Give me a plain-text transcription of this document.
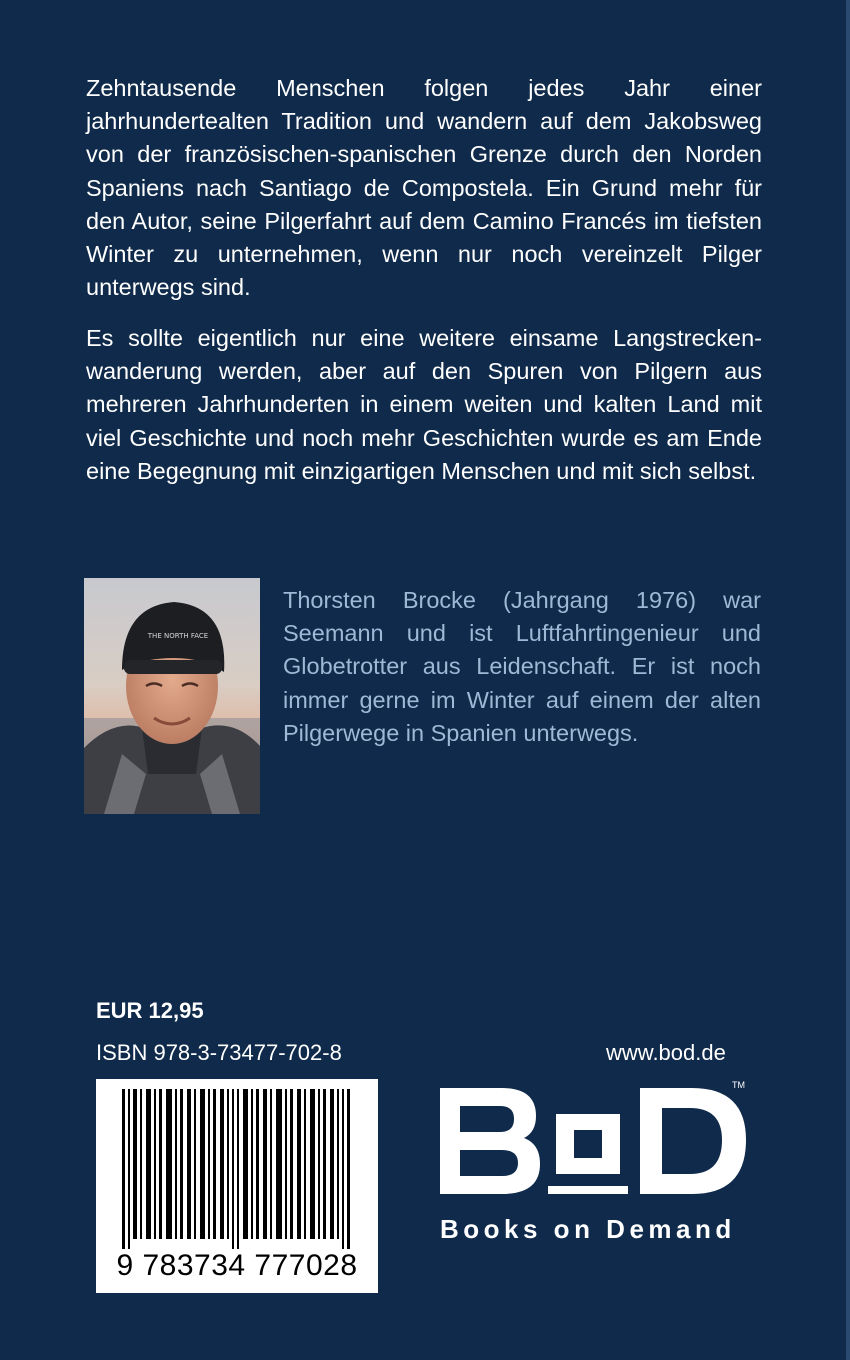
Zehntausende Menschen folgen jedes Jahr einer jahrhundertealten Tradition und wandern auf dem Jakobsweg von der französischen-spanischen Grenze durch den Norden Spaniens nach Santiago de Compostela. Ein Grund mehr für den Autor, seine Pilgerfahrt auf dem Camino Francés im tiefsten Winter zu unternehmen, wenn nur noch vereinzelt Pilger unterwegs sind.

Es sollte eigentlich nur eine weitere einsame Langstrecken-wanderung werden, aber auf den Spuren von Pilgern aus mehreren Jahrhunderten in einem weiten und kalten Land mit viel Geschichte und noch mehr Geschichten wurde es am Ende eine Begegnung mit einzigartigen Menschen und mit sich selbst.

THE NORTH FACE

Thorsten Brocke (Jahrgang 1976) war Seemann und ist Luftfahrtingenieur und Globetrotter aus Leidenschaft. Er ist noch immer gerne im Winter auf einem der alten Pilgerwege in Spanien unterwegs.

EUR 12,95
ISBN 978-3-73477-702-8
9 783734 777028
www.bod.de
TM
Books on Demand
